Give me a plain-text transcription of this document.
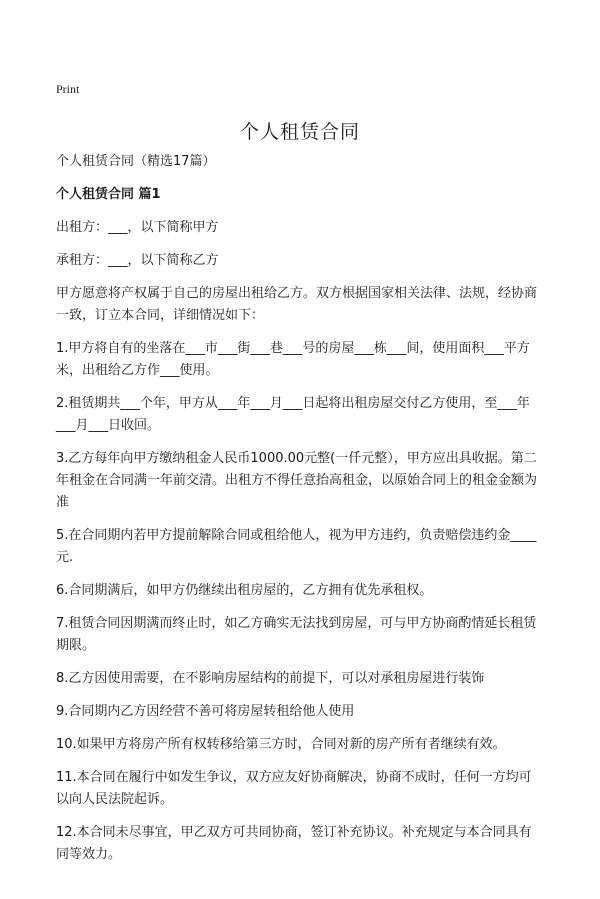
Print
个人租赁合同

个人租赁合同（精选17篇）

个人租赁合同 篇1

出租方：___，以下简称甲方

承租方：___，以下简称乙方

甲方愿意将产权属于自己的房屋出租给乙方。双方根据国家相关法律、法规，经协商一致，订立本合同，详细情况如下：

1.甲方将自有的坐落在___市___街___巷___号的房屋___栋___间，使用面积___平方米，出租给乙方作___使用。

2.租赁期共___个年，甲方从___年___月___日起将出租房屋交付乙方使用，至___年___月___日收回。

3.乙方每年向甲方缴纳租金人民币1000.00元整(一仟元整），甲方应出具收据。第二年租金在合同满一年前交清。出租方不得任意抬高租金，以原始合同上的租金金额为准

5.在合同期内若甲方提前解除合同或租给他人，视为甲方违约，负责赔偿违约金____元.

6.合同期满后，如甲方仍继续出租房屋的，乙方拥有优先承租权。

7.租赁合同因期满而终止时，如乙方确实无法找到房屋，可与甲方协商酌情延长租赁期限。

8.乙方因使用需要，在不影响房屋结构的前提下，可以对承租房屋进行装饰

9.合同期内乙方因经营不善可将房屋转租给他人使用

10.如果甲方将房产所有权转移给第三方时，合同对新的房产所有者继续有效。

11.本合同在履行中如发生争议，双方应友好协商解决，协商不成时，任何一方均可以向人民法院起诉。

12.本合同未尽事宜，甲乙双方可共同协商，签订补充协议。补充规定与本合同具有同等效力。
